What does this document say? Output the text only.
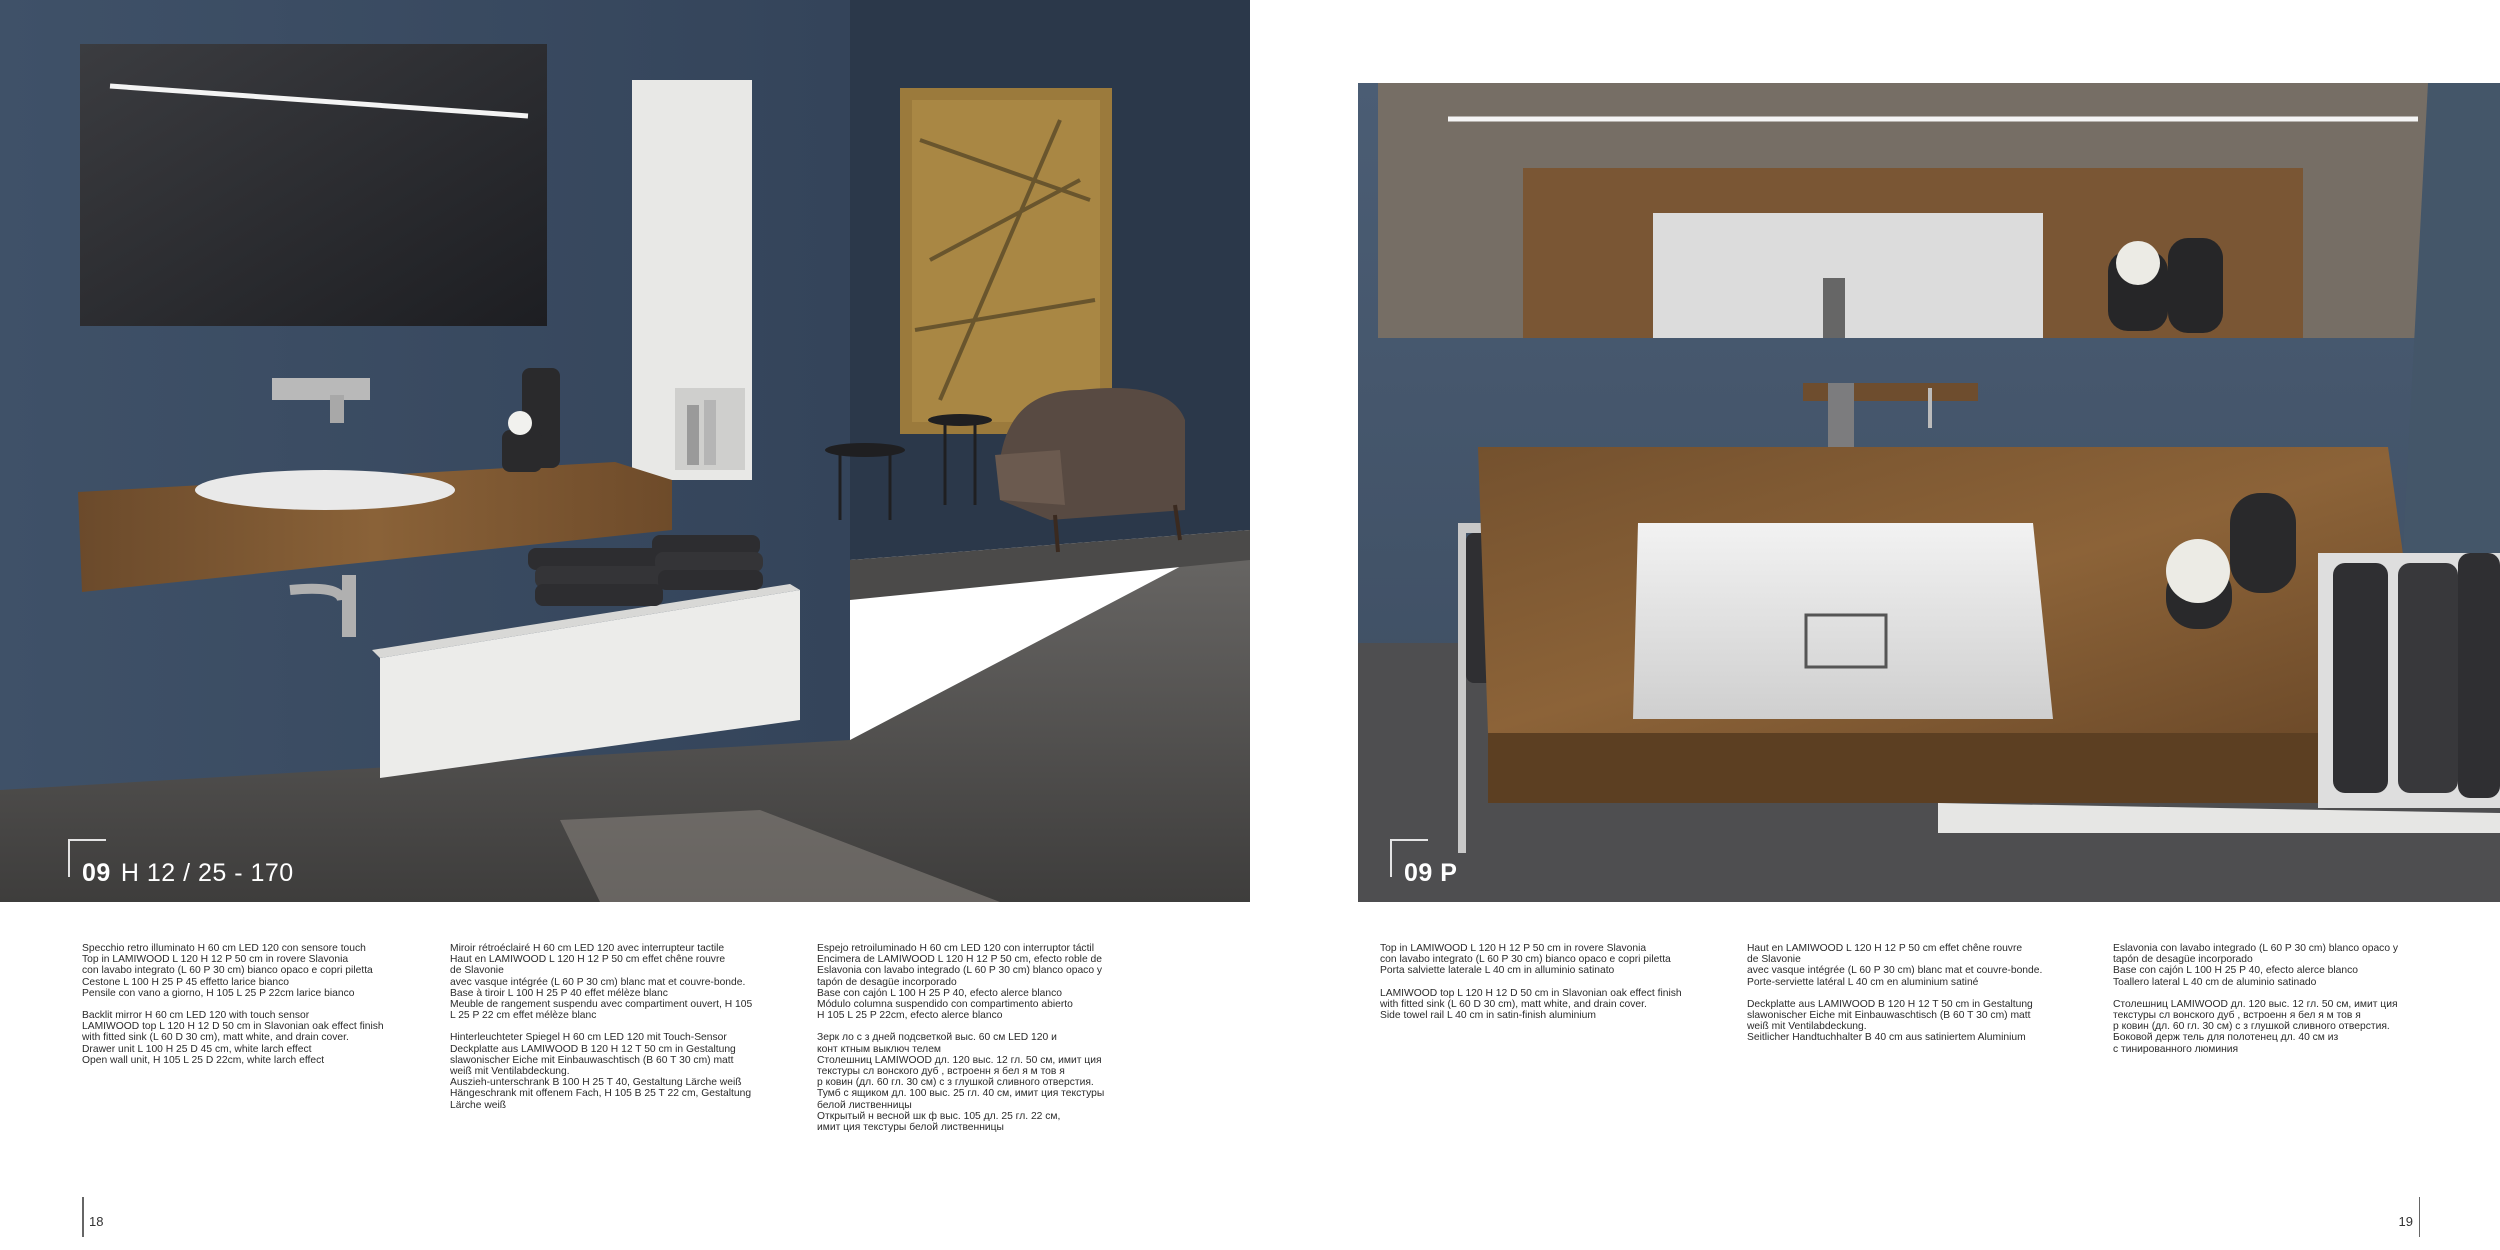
09 H 12 / 25 - 170	09 P

Specchio retro illuminato H 60 cm LED 120 con sensore touch
Top in LAMIWOOD L 120 H 12 P 50 cm in rovere Slavonia
con lavabo integrato (L 60 P 30 cm) bianco opaco e copri piletta
Cestone L 100 H 25 P 45 effetto larice bianco
Pensile con vano a giorno, H 105 L 25 P 22cm larice bianco

Backlit mirror H 60 cm LED 120 with touch sensor
LAMIWOOD top L 120 H 12 D 50 cm in Slavonian oak effect finish
with fitted sink (L 60 D 30 cm), matt white, and drain cover.
Drawer unit L 100 H 25 D 45 cm, white larch effect
Open wall unit, H 105 L 25 D 22cm, white larch effect

Miroir rétroéclairé H 60 cm LED 120 avec interrupteur tactile
Haut en LAMIWOOD L 120 H 12 P 50 cm effet chêne rouvre
de Slavonie
avec vasque intégrée (L 60 P 30 cm) blanc mat et couvre-bonde.
Base à tiroir L 100 H 25 P 40 effet mélèze blanc
Meuble de rangement suspendu avec compartiment ouvert, H 105
L 25 P 22 cm effet mélèze blanc

Hinterleuchteter Spiegel H 60 cm LED 120 mit Touch-Sensor
Deckplatte aus LAMIWOOD B 120 H 12 T 50 cm in Gestaltung
slawonischer Eiche mit Einbauwaschtisch (B 60 T 30 cm) matt
weiß mit Ventilabdeckung.
Auszieh-unterschrank B 100 H 25 T 40, Gestaltung Lärche weiß
Hängeschrank mit offenem Fach, H 105 B 25 T 22 cm, Gestaltung
Lärche weiß

Espejo retroiluminado H 60 cm LED 120 con interruptor táctil
Encimera de LAMIWOOD L 120 H 12 P 50 cm, efecto roble de
Eslavonia con lavabo integrado (L 60 P 30 cm) blanco opaco y
tapón de desagüe incorporado
Base con cajón L 100 H 25 P 40, efecto alerce blanco
Módulo columna suspendido con compartimento abierto
H 105 L 25 P 22cm, efecto alerce blanco

Зерк ло с з дней подсветкой выс. 60 см LED 120 и
конт ктным выключ телем
Столешниц LAMIWOOD дл. 120 выс. 12 гл. 50 см, имит ция
текстуры сл вонского дуб , встроенн я бел я м тов я
р ковин (дл. 60 гл. 30 см) с з глушкой сливного отверстия.
Тумб с ящиком дл. 100 выс. 25 гл. 40 см, имит ция текстуры
белой лиственницы
Открытый н весной шк ф выс. 105 дл. 25 гл. 22 см,
имит ция текстуры белой лиственницы

Top in LAMIWOOD L 120 H 12 P 50 cm in rovere Slavonia
con lavabo integrato (L 60 P 30 cm) bianco opaco e copri piletta
Porta salviette laterale L 40 cm in alluminio satinato

LAMIWOOD top L 120 H 12 D 50 cm in Slavonian oak effect finish
with fitted sink (L 60 D 30 cm), matt white, and drain cover.
Side towel rail L 40 cm in satin-finish aluminium

Haut en LAMIWOOD L 120 H 12 P 50 cm effet chêne rouvre
de Slavonie
avec vasque intégrée (L 60 P 30 cm) blanc mat et couvre-bonde.
Porte-serviette latéral L 40 cm en aluminium satiné

Deckplatte aus LAMIWOOD B 120 H 12 T 50 cm in Gestaltung
slawonischer Eiche mit Einbauwaschtisch (B 60 T 30 cm) matt
weiß mit Ventilabdeckung.
Seitlicher Handtuchhalter B 40 cm aus satiniertem Aluminium

Eslavonia con lavabo integrado (L 60 P 30 cm) blanco opaco y
tapón de desagüe incorporado
Base con cajón L 100 H 25 P 40, efecto alerce blanco
Toallero lateral L 40 cm de aluminio satinado

Столешниц LAMIWOOD дл. 120 выс. 12 гл. 50 см, имит ция
текстуры сл вонского дуб , встроенн я бел я м тов я
р ковин (дл. 60 гл. 30 см) с з глушкой сливного отверстия.
Боковой держ тель для полотенец дл. 40 см из
с тинированного люминия

18	19
